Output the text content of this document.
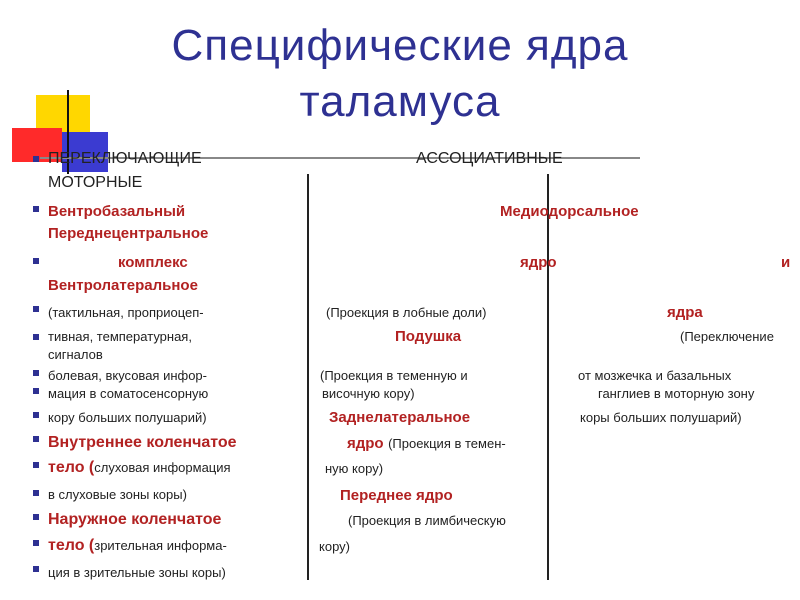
Специфические ядра
таламуса
ПЕРЕКЛЮЧАЮЩИЕ	АССОЦИАТИВНЫЕ
МОТОРНЫЕ
Вентробазальный
комплекс
(тактильная, проприоцеп-
тивная, температурная,
болевая, вкусовая инфор-
мация в соматосенсорную
кору больших полушарий)
Внутреннее коленчатое
тело (слуховая информация
в слуховые зоны коры)
Наружное коленчатое
тело (зрительная информа-
ция в зрительные зоны коры)
Медиодорсальное
ядро
(Проекция в лобные доли)
Подушка
(Проекция в теменную и
височную кору)
Заднелатеральное
ядро (Проекция в темен-
ную кору)
Переднее ядро
(Проекция в лимбическую
кору)
Переднецентральное
и
Вентролатеральное
ядра
(Переключение
сигналов
от мозжечка и базальных
ганглиев в моторную зону
коры больших полушарий)
